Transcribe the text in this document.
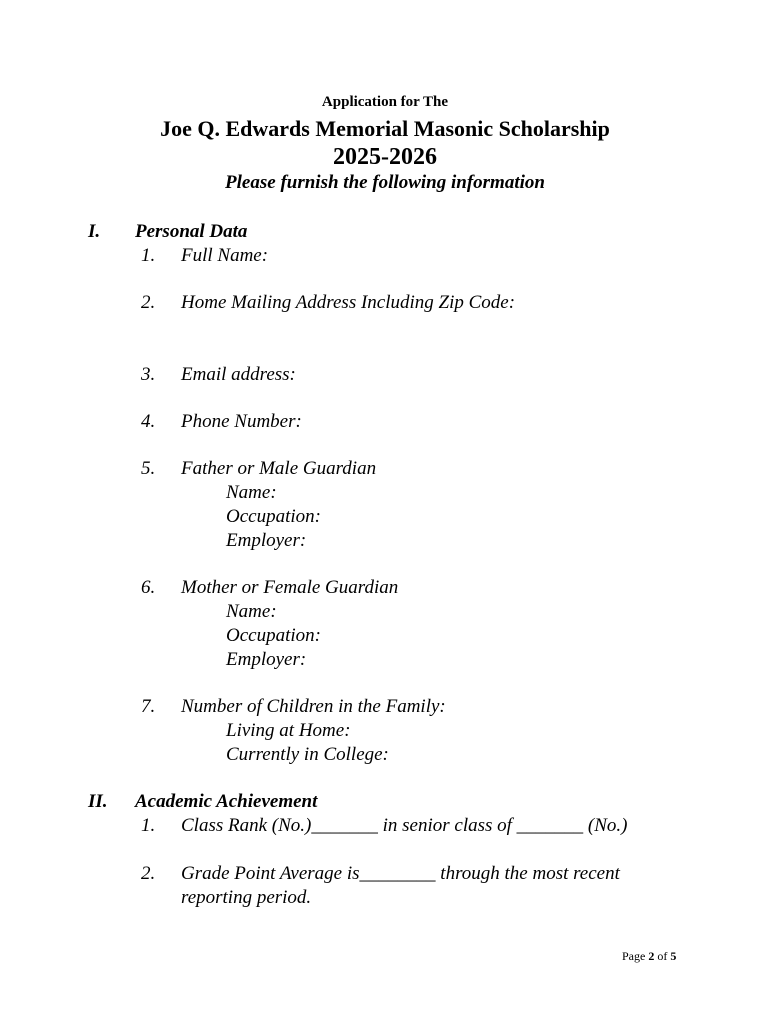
Application for The
Joe Q. Edwards Memorial Masonic Scholarship
2025-2026
Please furnish the following information
I. Personal Data
1. Full Name:
2. Home Mailing Address Including Zip Code:
3. Email address:
4. Phone Number:
5. Father or Male Guardian
Name:
Occupation:
Employer:
6. Mother or Female Guardian
Name:
Occupation:
Employer:
7. Number of Children in the Family:
Living at Home:
Currently in College:
II. Academic Achievement
1. Class Rank (No.)_______ in senior class of _______ (No.)
2. Grade Point Average is________ through the most recent
reporting period.
Page 2 of 5
